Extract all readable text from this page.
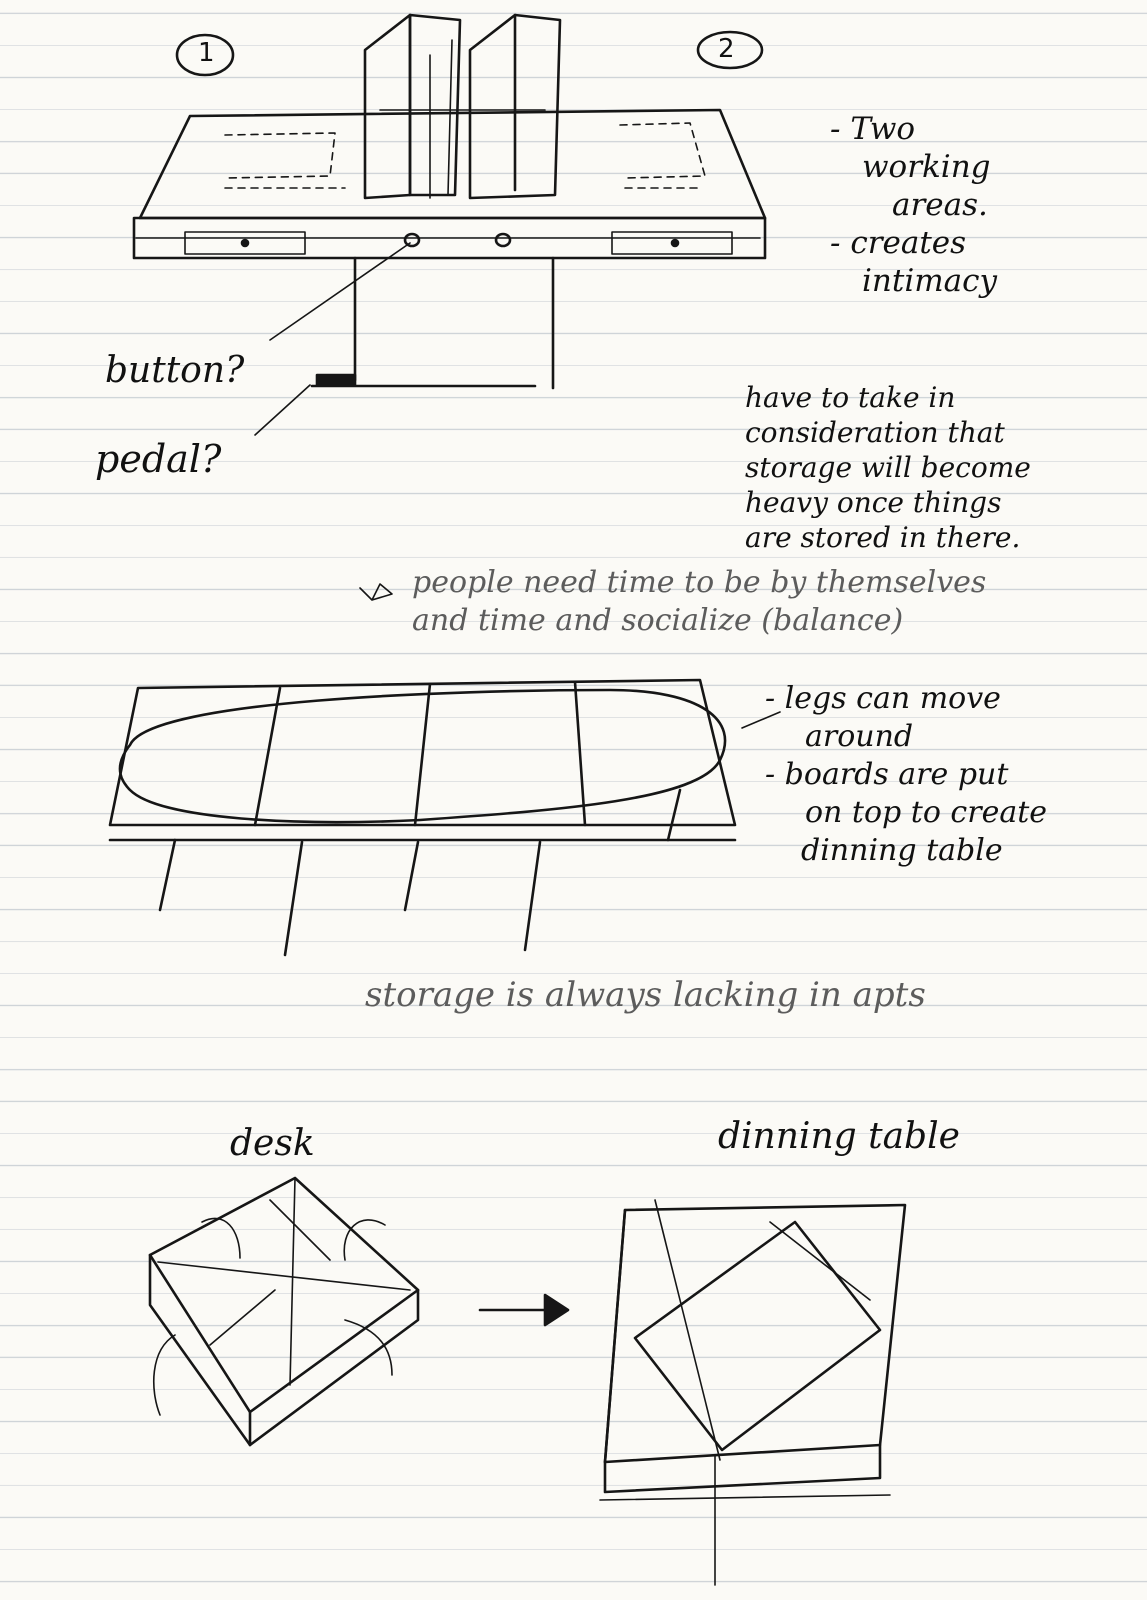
1	2
button?
pedal?
- Two
working
areas.
- creates
intimacy
have to take in
consideration that
storage will become
heavy once things
are stored in there.
people need time to be by themselves
and time and socialize (balance)
- legs can move
around
- boards are put
on top to create
dinning table
storage is always lacking in apts
desk	dinning table
